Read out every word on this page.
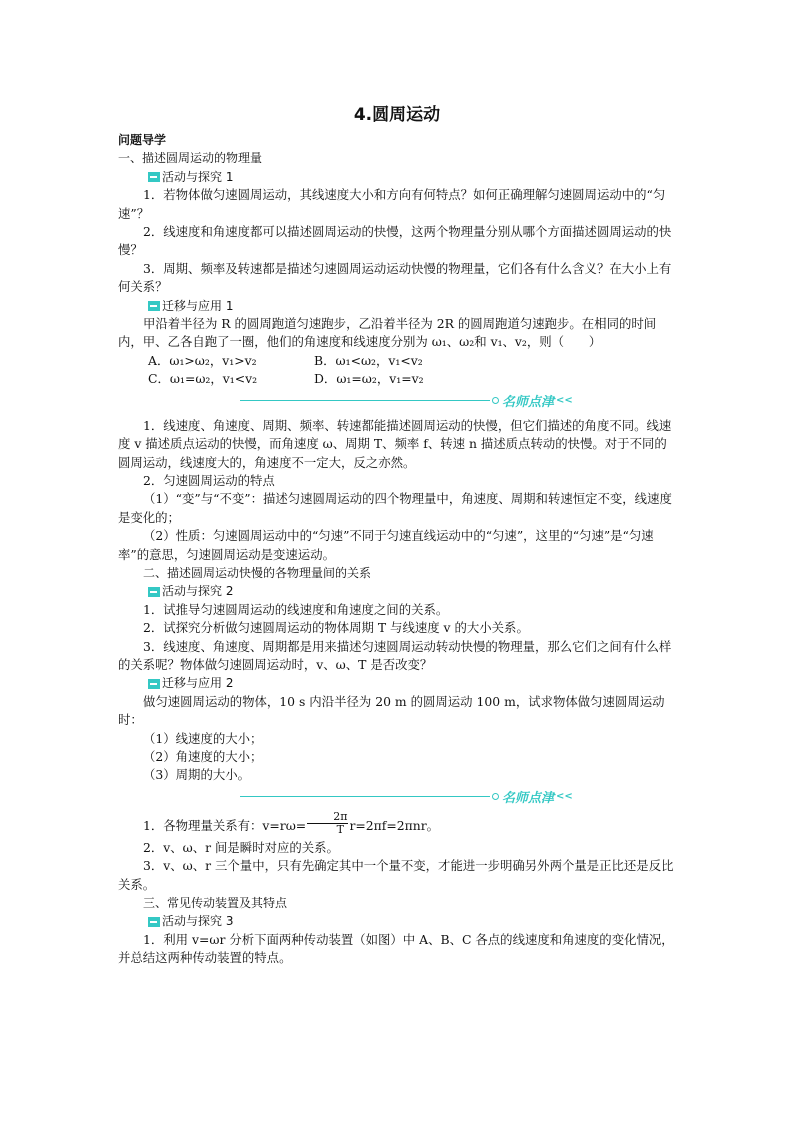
4.圆周运动
问题导学
一、描述圆周运动的物理量
活动与探究 1

1．若物体做匀速圆周运动，其线速度大小和方向有何特点？如何正确理解匀速圆周运动中的“匀速”？

2．线速度和角速度都可以描述圆周运动的快慢，这两个物理量分别从哪个方面描述圆周运动的快慢？

3．周期、频率及转速都是描述匀速圆周运动运动快慢的物理量，它们各有什么含义？在大小上有何关系？

迁移与应用 1

甲沿着半径为 R 的圆周跑道匀速跑步，乙沿着半径为 2R 的圆周跑道匀速跑步。在相同的时间内，甲、乙各自跑了一圈，他们的角速度和线速度分别为 ω₁、ω₂和 v₁、v₂，则（　　）

A．ω₁>ω₂，v₁>v₂	B．ω₁<ω₂，v₁<v₂
C．ω₁=ω₂，v₁<v₂	D．ω₁=ω₂，v₁=v₂
名师点津 <<

1．线速度、角速度、周期、频率、转速都能描述圆周运动的快慢，但它们描述的角度不同。线速度 v 描述质点运动的快慢，而角速度 ω、周期 T、频率 f、转速 n 描述质点转动的快慢。对于不同的圆周运动，线速度大的，角速度不一定大，反之亦然。

2．匀速圆周运动的特点

（1）“变”与“不变”：描述匀速圆周运动的四个物理量中，角速度、周期和转速恒定不变，线速度是变化的；

（2）性质：匀速圆周运动中的“匀速”不同于匀速直线运动中的“匀速”，这里的“匀速”是“匀速率”的意思，匀速圆周运动是变速运动。

二、描述圆周运动快慢的各物理量间的关系
活动与探究 2

1．试推导匀速圆周运动的线速度和角速度之间的关系。

2．试探究分析做匀速圆周运动的物体周期 T 与线速度 v 的大小关系。

3．线速度、角速度、周期都是用来描述匀速圆周运动转动快慢的物理量，那么它们之间有什么样的关系呢？物体做匀速圆周运动时，v、ω、T 是否改变？

迁移与应用 2

做匀速圆周运动的物体，10 s 内沿半径为 20 m 的圆周运动 100 m，试求物体做匀速圆周运动时：

（1）线速度的大小；

（2）角速度的大小；

（3）周期的大小。

名师点津 <<

1．各物理量关系有：$v=r\omega= \frac{2\pi}{T} r=2\pi f=2\pi nr$。

2．v、ω、r 间是瞬时对应的关系。

3．v、ω、r 三个量中，只有先确定其中一个量不变，才能进一步明确另外两个量是正比还是反比关系。

三、常见传动装置及其特点
活动与探究 3

1．利用 v=ωr 分析下面两种传动装置（如图）中 A、B、C 各点的线速度和角速度的变化情况，并总结这两种传动装置的特点。
